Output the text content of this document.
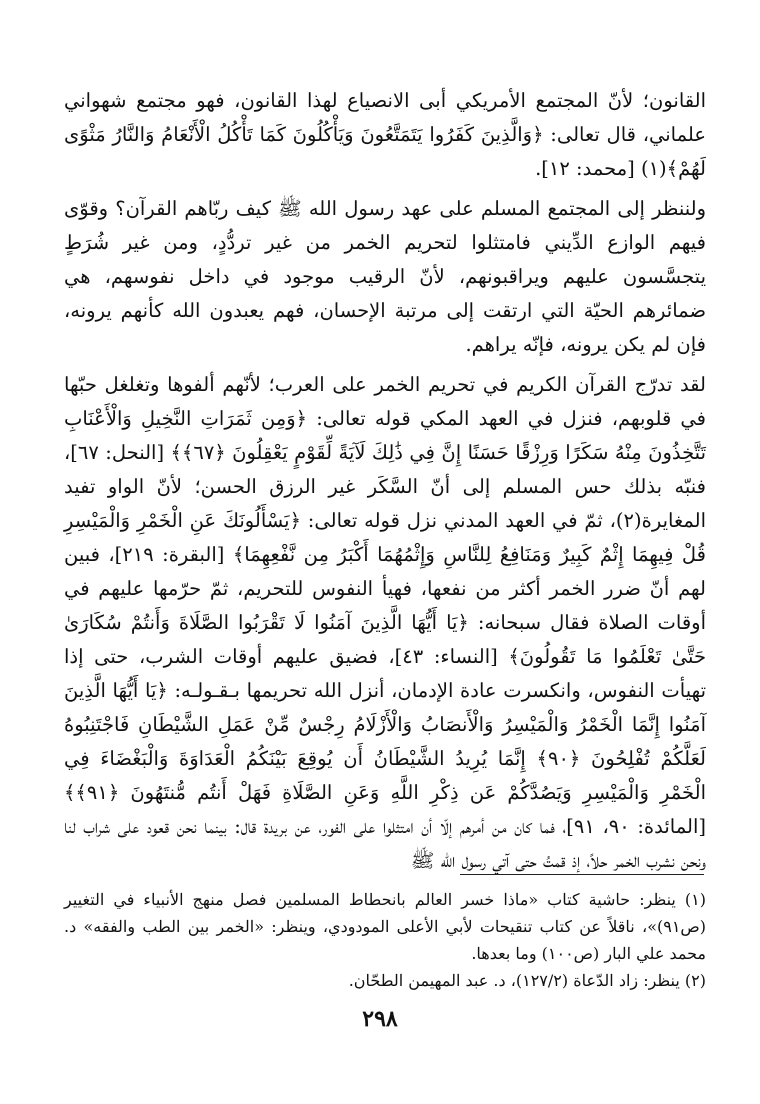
القانون؛ لأنّ المجتمع الأمريكي أبى الانصياع لهذا القانون، فهو مجتمع شهواني علماني، قال تعالى: ﴿وَالَّذِينَ كَفَرُوا يَتَمَتَّعُونَ وَيَأْكُلُونَ كَمَا تَأْكُلُ الْأَنْعَامُ وَالنَّارُ مَثْوًى لَهُمْ﴾(١) [محمد: ١٢].

ولننظر إلى المجتمع المسلم على عهد رسول الله ﷺ كيف ربّاهم القرآن؟ وقوّى فيهم الوازع الدِّيني فامتثلوا لتحريم الخمر من غير تردُّدٍ، ومن غير شُرَطٍ يتجسَّسون عليهم ويراقبونهم، لأنّ الرقيب موجود في داخل نفوسهم، هي ضمائرهم الحيّة التي ارتقت إلى مرتبة الإحسان، فهم يعبدون الله كأنهم يرونه، فإن لم يكن يرونه، فإنّه يراهم.

لقد تدرّج القرآن الكريم في تحريم الخمر على العرب؛ لأنّهم ألفوها وتغلغل حبّها في قلوبهم، فنزل في العهد المكي قوله تعالى: ﴿وَمِن ثَمَرَاتِ النَّخِيلِ وَالْأَعْنَابِ تَتَّخِذُونَ مِنْهُ سَكَرًا وَرِزْقًا حَسَنًا إِنَّ فِي ذَٰلِكَ لَآيَةً لِّقَوْمٍ يَعْقِلُونَ ﴿٦٧﴾﴾ [النحل: ٦٧]، فنبّه بذلك حس المسلم إلى أنّ السَّكَر غير الرزق الحسن؛ لأنّ الواو تفيد المغايرة(٢)، ثمّ في العهد المدني نزل قوله تعالى: ﴿يَسْأَلُونَكَ عَنِ الْخَمْرِ وَالْمَيْسِرِ قُلْ فِيهِمَا إِثْمٌ كَبِيرٌ وَمَنَافِعُ لِلنَّاسِ وَإِثْمُهُمَا أَكْبَرُ مِن نَّفْعِهِمَا﴾ [البقرة: ٢١٩]، فبين لهم أنّ ضرر الخمر أكثر من نفعها، فهيأ النفوس للتحريم، ثمّ حرّمها عليهم في أوقات الصلاة فقال سبحانه: ﴿يَا أَيُّهَا الَّذِينَ آمَنُوا لَا تَقْرَبُوا الصَّلَاةَ وَأَنتُمْ سُكَارَىٰ حَتَّىٰ تَعْلَمُوا مَا تَقُولُونَ﴾ [النساء: ٤٣]، فضيق عليهم أوقات الشرب، حتى إذا تهيأت النفوس، وانكسرت عادة الإدمان، أنزل الله تحريمها بـقـولـه: ﴿يَا أَيُّهَا الَّذِينَ آمَنُوا إِنَّمَا الْخَمْرُ وَالْمَيْسِرُ وَالْأَنصَابُ وَالْأَزْلَامُ رِجْسٌ مِّنْ عَمَلِ الشَّيْطَانِ فَاجْتَنِبُوهُ لَعَلَّكُمْ تُفْلِحُونَ ﴿٩٠﴾ إِنَّمَا يُرِيدُ الشَّيْطَانُ أَن يُوقِعَ بَيْنَكُمُ الْعَدَاوَةَ وَالْبَغْضَاءَ فِي الْخَمْرِ وَالْمَيْسِرِ وَيَصُدَّكُمْ عَن ذِكْرِ اللَّهِ وَعَنِ الصَّلَاةِ فَهَلْ أَنتُم مُّنتَهُونَ ﴿٩١﴾﴾ [المائدة: ٩٠، ٩١]، فما كان من أمرهم إلّا أن امتثلوا على الفور، عن بريدة قال: بينما نحن قعود على شراب لنا ونحن نشرب الخمر حلاً، إذ قمتُ حتى آتي رسول الله ﷺ

(١) ينظر: حاشية كتاب «ماذا خسر العالم بانحطاط المسلمين فصل منهج الأنبياء في التغيير (ص٩١)»، ناقلاً عن كتاب تنقيحات لأبي الأعلى المودودي، وينظر: «الخمر بين الطب والفقه» د. محمد علي البار (ص١٠٠) وما بعدها.

(٢) ينظر: زاد الدّعاة (١٢٧/٢)، د. عبد المهيمن الطحّان.

٢٩٨
